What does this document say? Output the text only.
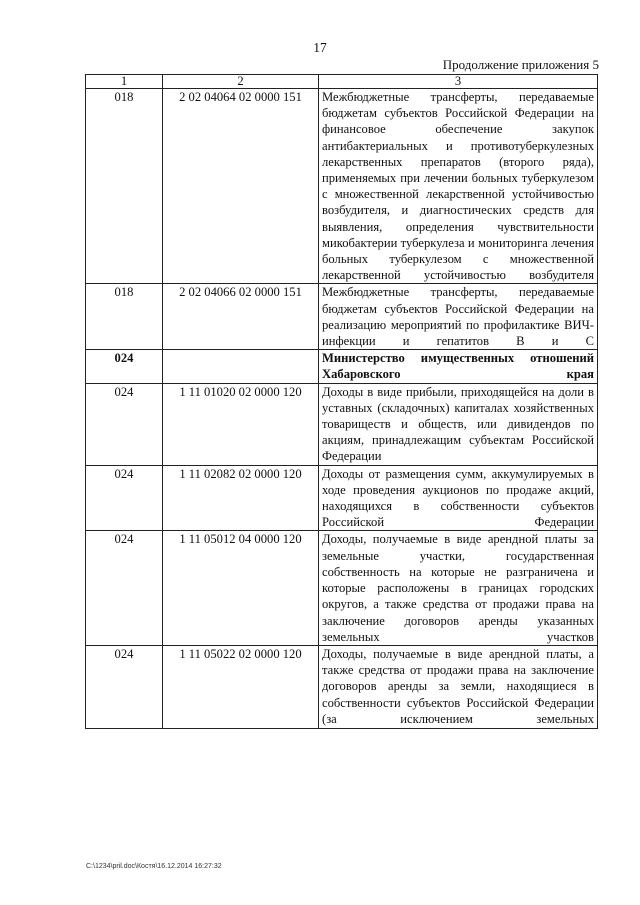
17
Продолжение приложения 5
1	2	3
018	2 02 04064 02 0000 151	Межбюджетные трансферты, передаваемые бюджетам субъектов Российской Федерации на финансовое обеспечение закупок антибактериальных и противотуберкулезных лекарственных препаратов (второго ряда), применяемых при лечении больных туберкулезом с множественной лекарственной устойчивостью возбудителя, и диагностических средств для выявления, определения чувствительности микобактерии туберкулеза и мониторинга лечения больных туберкулезом с множественной лекарственной устойчивостью возбудителя
018	2 02 04066 02 0000 151	Межбюджетные трансферты, передаваемые бюджетам субъектов Российской Федерации на реализацию мероприятий по профилактике ВИЧ-инфекции и гепатитов В и С
024		Министерство имущественных отношений Хабаровского края
024	1 11 01020 02 0000 120	Доходы в виде прибыли, приходящейся на доли в уставных (складочных) капиталах хозяйственных товариществ и обществ, или дивидендов по акциям, принадлежащим субъектам Российской Федерации
024	1 11 02082 02 0000 120	Доходы от размещения сумм, аккумулируемых в ходе проведения аукционов по продаже акций, находящихся в собственности субъектов Российской Федерации
024	1 11 05012 04 0000 120	Доходы, получаемые в виде арендной платы за земельные участки, государственная собственность на которые не разграничена и которые расположены в границах городских округов, а также средства от продажи права на заключение договоров аренды указанных земельных участков
024	1 11 05022 02 0000 120	Доходы, получаемые в виде арендной платы, а также средства от продажи права на заключение договоров аренды за земли, находящиеся в собственности субъектов Российской Федерации (за исключением земельных
C:\1234\pril.doc\Костя\16.12.2014 16:27:32
